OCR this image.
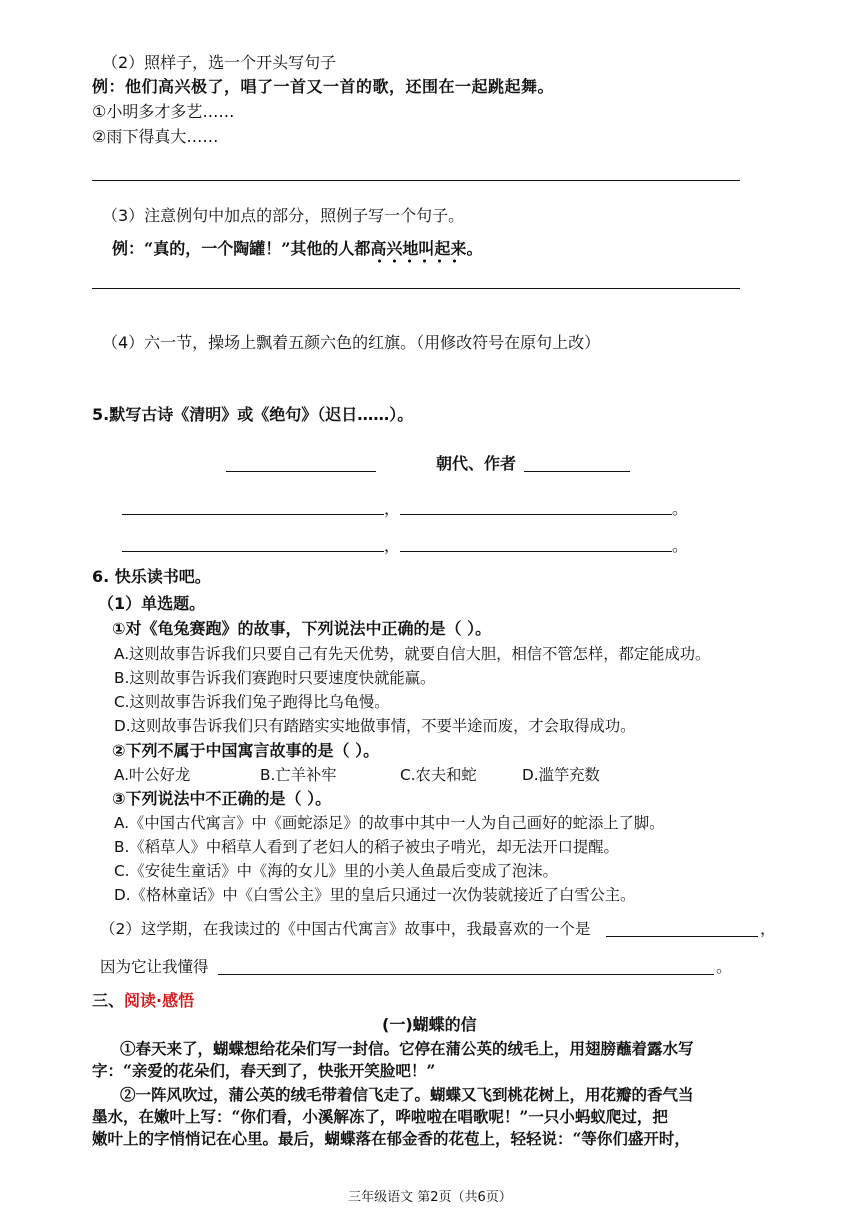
（2）照样子，选一个开头写句子
例：他们高兴极了，唱了一首又一首的歌，还围在一起跳起舞。
①小明多才多艺……
②雨下得真大……
（3）注意例句中加点的部分，照例子写一个句子。
例：“真的，一个陶罐！”其他的人都高兴地叫起来。
（4）六一节，操场上飘着五颜六色的红旗。（用修改符号在原句上改）
5.默写古诗《清明》或《绝句》（迟日……）。
朝代、作者
，	。
，	。
6. 快乐读书吧。
（1）单选题。
①对《龟兔赛跑》的故事，下列说法中正确的是（ ）。
A.这则故事告诉我们只要自己有先天优势，就要自信大胆，相信不管怎样，都定能成功。
B.这则故事告诉我们赛跑时只要速度快就能赢。
C.这则故事告诉我们兔子跑得比乌龟慢。
D.这则故事告诉我们只有踏踏实实地做事情，不要半途而废，才会取得成功。
②下列不属于中国寓言故事的是（ ）。
A.叶公好龙	B.亡羊补牢	C.农夫和蛇	D.滥竽充数
③下列说法中不正确的是（ ）。
A.《中国古代寓言》中《画蛇添足》的故事中其中一人为自己画好的蛇添上了脚。
B.《稻草人》中稻草人看到了老妇人的稻子被虫子啃光，却无法开口提醒。
C.《安徒生童话》中《海的女儿》里的小美人鱼最后变成了泡沫。
D.《格林童话》中《白雪公主》里的皇后只通过一次伪装就接近了白雪公主。
（2）这学期，在我读过的《中国古代寓言》故事中，我最喜欢的一个是	，
因为它让我懂得	。
三、阅读·感悟
(一)蝴蝶的信
①春天来了，蝴蝶想给花朵们写一封信。它停在蒲公英的绒毛上，用翅膀蘸着露水写
字：“亲爱的花朵们，春天到了，快张开笑脸吧！”
②一阵风吹过，蒲公英的绒毛带着信飞走了。蝴蝶又飞到桃花树上，用花瓣的香气当
墨水，在嫩叶上写：“你们看，小溪解冻了，哗啦啦在唱歌呢！”一只小蚂蚁爬过，把
嫩叶上的字悄悄记在心里。最后，蝴蝶落在郁金香的花苞上，轻轻说：“等你们盛开时，
三年级语文 第2页（共6页）
